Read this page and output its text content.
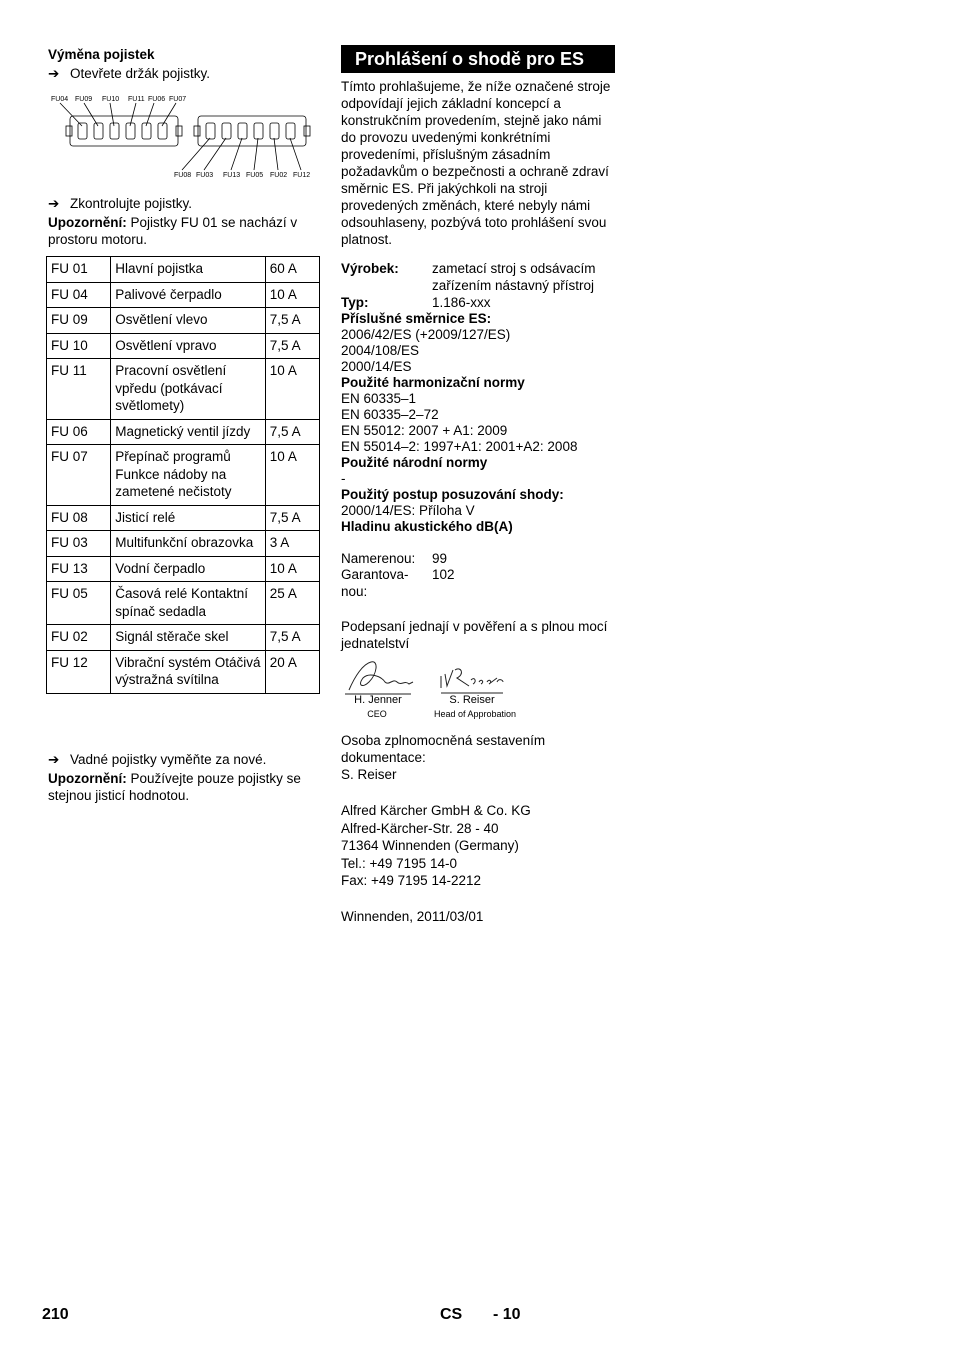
Výměna pojistek
➔ Otevřete držák pojistky.
FU04 FU09 FU10 FU11 FU06 FU07
FU08 FU03 FU13 FU05 FU02 FU12
➔ Zkontrolujte pojistky.
Upozornění: Pojistky FU 01 se nachází v prostoru motoru.
FU 01	Hlavní pojistka	60 A
FU 04	Palivové čerpadlo	10 A
FU 09	Osvětlení vlevo	7,5 A
FU 10	Osvětlení vpravo	7,5 A
FU 11	Pracovní osvětlení vpředu (potkávací světlomety)	10 A
FU 06	Magnetický ventil jízdy	7,5 A
FU 07	Přepínač programů Funkce nádoby na zametené nečistoty	10 A
FU 08	Jisticí relé	7,5 A
FU 03	Multifunkční obrazovka	3 A
FU 13	Vodní čerpadlo	10 A
FU 05	Časová relé Kontaktní spínač sedadla	25 A
FU 02	Signál stěrače skel	7,5 A
FU 12	Vibrační systém Otáčivá výstražná svítilna	20 A
➔ Vadné pojistky vyměňte za nové.
Upozornění: Používejte pouze pojistky se stejnou jisticí hodnotou.
Prohlášení o shodě pro ES
Tímto prohlašujeme, že níže označené stroje odpovídají jejich základní koncepcí a konstrukčním provedením, stejně jako námi do provozu uvedenými konkrétními provedeními, příslušným zásadním požadavkům o bezpečnosti a ochraně zdraví směrnic ES. Při jakýchkoli na stroji provedených změnách, které nebyly námi odsouhlaseny, pozbývá toto prohlášení svou platnost.
Výrobek: zametací stroj s odsávacím zařízením nástavný přístroj
Typ:	1.186-xxx
Příslušné směrnice ES:
2006/42/ES (+2009/127/ES)
2004/108/ES
2000/14/ES
Použité harmonizační normy
EN 60335–1
EN 60335–2–72
EN 55012: 2007 + A1: 2009
EN 55014–2: 1997+A1: 2001+A2: 2008
Použité národní normy
-
Použitý postup posuzování shody:
2000/14/ES: Příloha V
Hladinu akustického dB(A)
Namerenou: 99
Garantova-nou:102
Podepsaní jednají v pověření a s plnou mocí jednatelství
H. Jenner
CEO
S. Reiser
Head of Approbation
Osoba zplnomocněná sestavením dokumentace:
S. Reiser
Alfred Kärcher GmbH & Co. KG
Alfred-Kärcher-Str. 28 - 40
71364 Winnenden (Germany)
Tel.: +49 7195 14-0
Fax: +49 7195 14-2212
Winnenden, 2011/03/01
210	CS - 10
